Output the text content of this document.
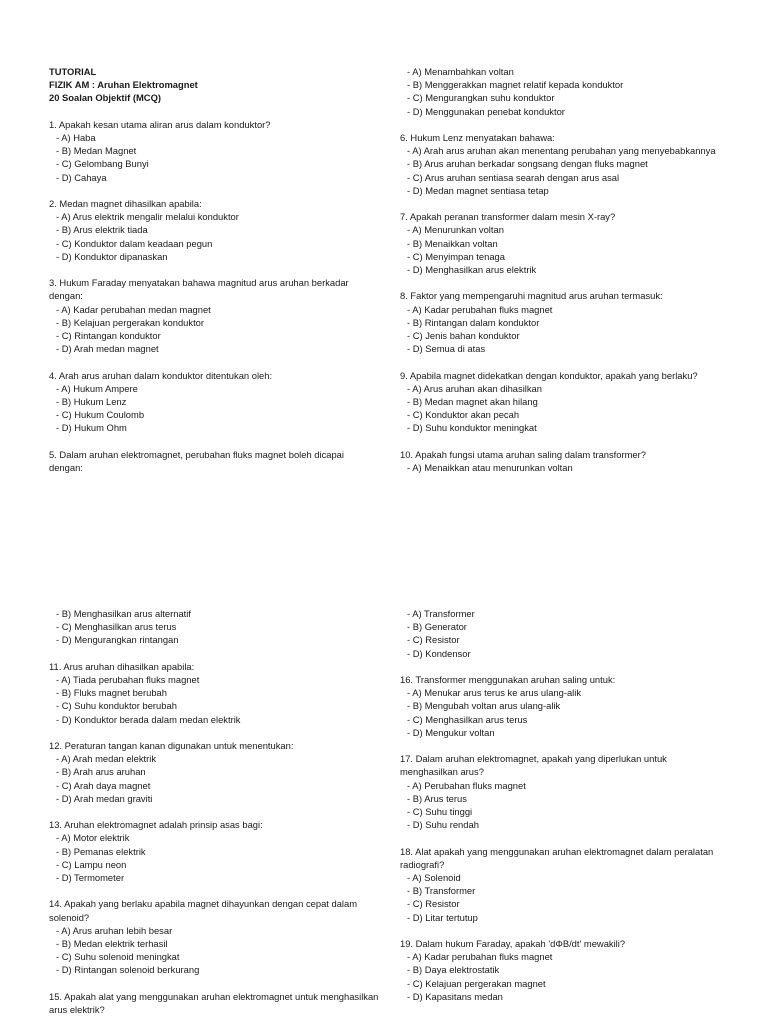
TUTORIAL
FIZIK AM : Aruhan Elektromagnet
20 Soalan Objektif (MCQ)
1. Apakah kesan utama aliran arus dalam konduktor?
- A) Haba
- B) Medan Magnet
- C) Gelombang Bunyi
- D) Cahaya
2. Medan magnet dihasilkan apabila:
- A) Arus elektrik mengalir melalui konduktor
- B) Arus elektrik tiada
- C) Konduktor dalam keadaan pegun
- D) Konduktor dipanaskan
3. Hukum Faraday menyatakan bahawa magnitud arus aruhan berkadar dengan:
- A) Kadar perubahan medan magnet
- B) Kelajuan pergerakan konduktor
- C) Rintangan konduktor
- D) Arah medan magnet
4. Arah arus aruhan dalam konduktor ditentukan oleh:
- A) Hukum Ampere
- B) Hukum Lenz
- C) Hukum Coulomb
- D) Hukum Ohm
5. Dalam aruhan elektromagnet, perubahan fluks magnet boleh dicapai dengan:
- A) Menambahkan voltan
- B) Menggerakkan magnet relatif kepada konduktor
- C) Mengurangkan suhu konduktor
- D) Menggunakan penebat konduktor
6. Hukum Lenz menyatakan bahawa:
- A) Arah arus aruhan akan menentang perubahan yang menyebabkannya
- B) Arus aruhan berkadar songsang dengan fluks magnet
- C) Arus aruhan sentiasa searah dengan arus asal
- D) Medan magnet sentiasa tetap
7. Apakah peranan transformer dalam mesin X-ray?
- A) Menurunkan voltan
- B) Menaikkan voltan
- C) Menyimpan tenaga
- D) Menghasilkan arus elektrik
8. Faktor yang mempengaruhi magnitud arus aruhan termasuk:
- A) Kadar perubahan fluks magnet
- B) Rintangan dalam konduktor
- C) Jenis bahan konduktor
- D) Semua di atas
9. Apabila magnet didekatkan dengan konduktor, apakah yang berlaku?
- A) Arus aruhan akan dihasilkan
- B) Medan magnet akan hilang
- C) Konduktor akan pecah
- D) Suhu konduktor meningkat
10. Apakah fungsi utama aruhan saling dalam transformer?
- A) Menaikkan atau menurunkan voltan
- B) Menghasilkan arus alternatif
- C) Menghasilkan arus terus
- D) Mengurangkan rintangan
11. Arus aruhan dihasilkan apabila:
- A) Tiada perubahan fluks magnet
- B) Fluks magnet berubah
- C) Suhu konduktor berubah
- D) Konduktor berada dalam medan elektrik
12. Peraturan tangan kanan digunakan untuk menentukan:
- A) Arah medan elektrik
- B) Arah arus aruhan
- C) Arah daya magnet
- D) Arah medan graviti
13. Aruhan elektromagnet adalah prinsip asas bagi:
- A) Motor elektrik
- B) Pemanas elektrik
- C) Lampu neon
- D) Termometer
14. Apakah yang berlaku apabila magnet dihayunkan dengan cepat dalam solenoid?
- A) Arus aruhan lebih besar
- B) Medan elektrik terhasil
- C) Suhu solenoid meningkat
- D) Rintangan solenoid berkurang
15. Apakah alat yang menggunakan aruhan elektromagnet untuk menghasilkan arus elektrik?
- A) Transformer
- B) Generator
- C) Resistor
- D) Kondensor
16. Transformer menggunakan aruhan saling untuk:
- A) Menukar arus terus ke arus ulang-alik
- B) Mengubah voltan arus ulang-alik
- C) Menghasilkan arus terus
- D) Mengukur voltan
17. Dalam aruhan elektromagnet, apakah yang diperlukan untuk menghasilkan arus?
- A) Perubahan fluks magnet
- B) Arus terus
- C) Suhu tinggi
- D) Suhu rendah
18. Alat apakah yang menggunakan aruhan elektromagnet dalam peralatan radiografi?
- A) Solenoid
- B) Transformer
- C) Resistor
- D) Litar tertutup
19. Dalam hukum Faraday, apakah 'dΦB/dt' mewakili?
- A) Kadar perubahan fluks magnet
- B) Daya elektrostatik
- C) Kelajuan pergerakan magnet
- D) Kapasitans medan
